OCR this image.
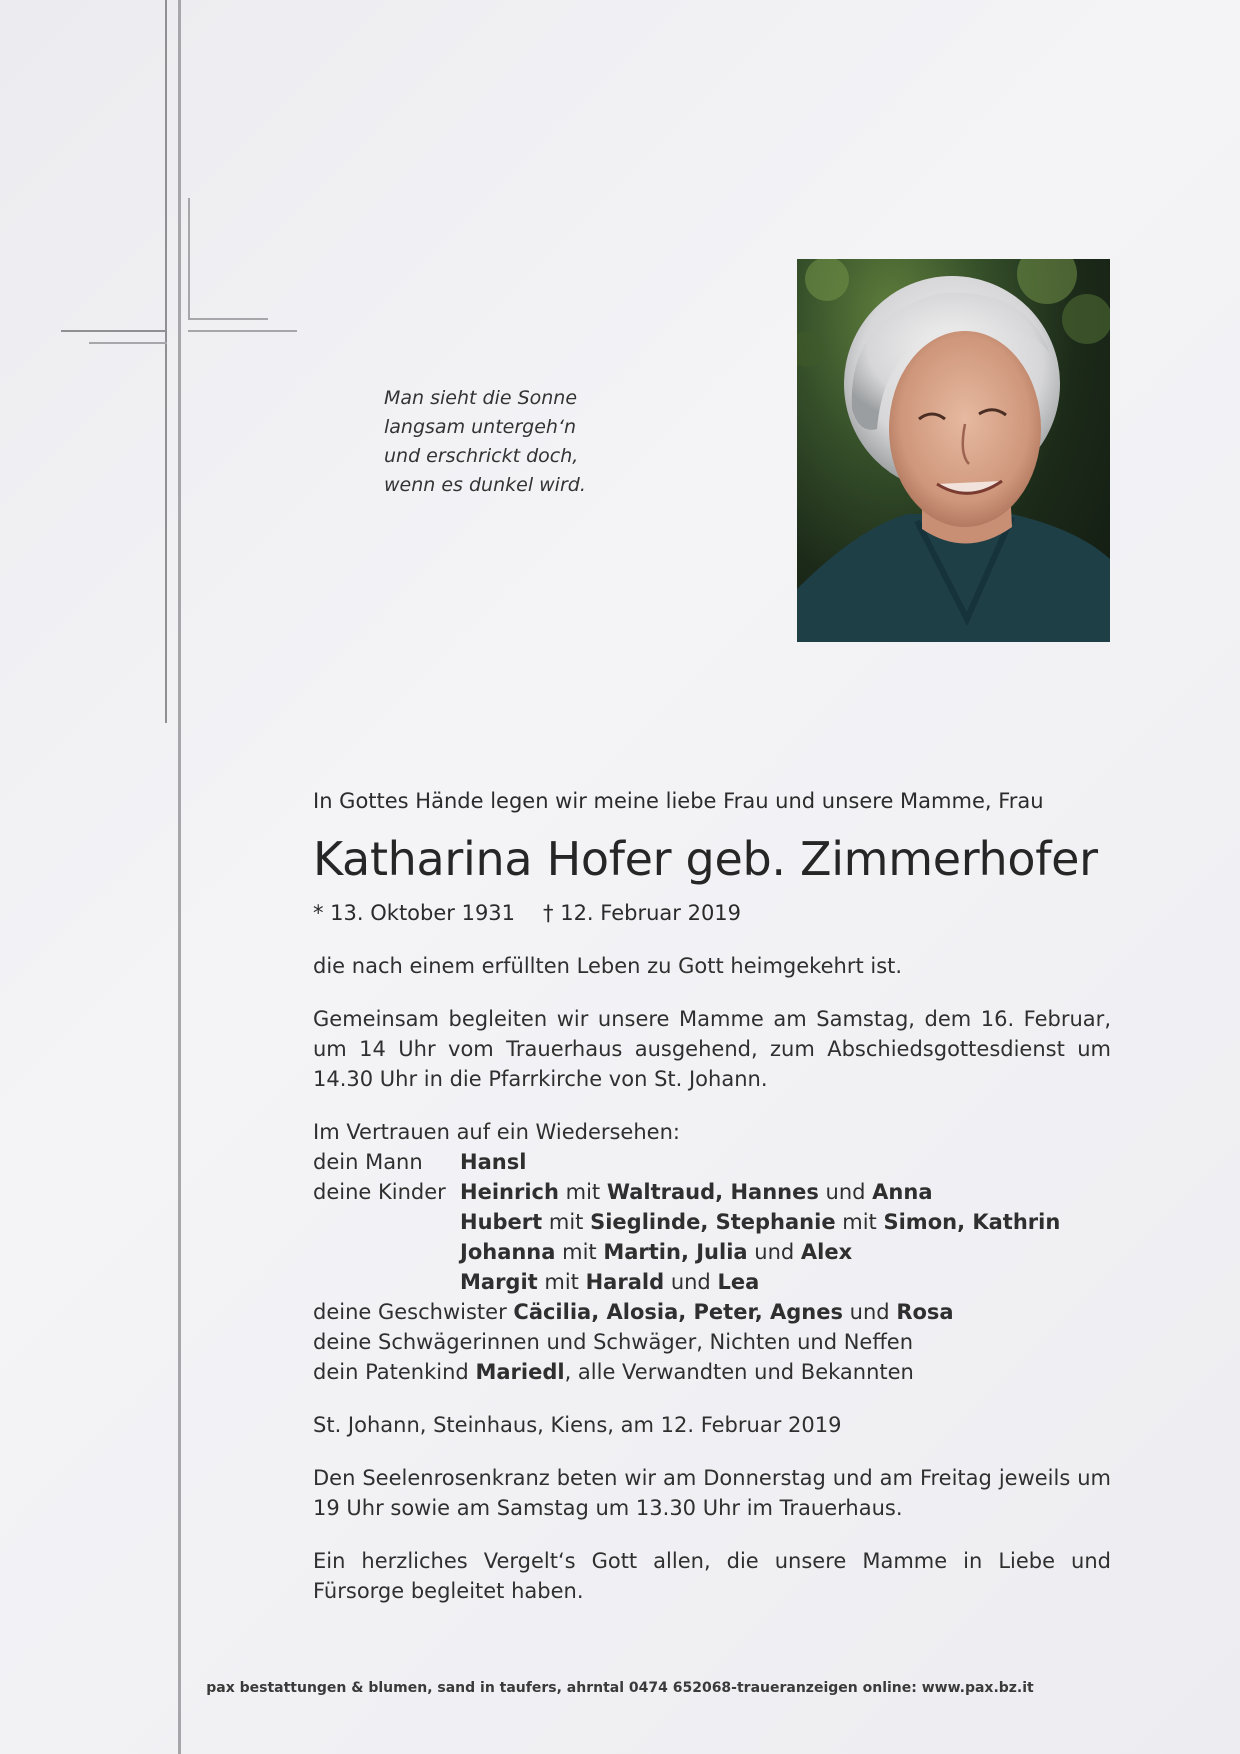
Man sieht die Sonne
langsam untergeh‘n
und erschrickt doch,
wenn es dunkel wird.
In Gottes Hände legen wir meine liebe Frau und unsere Mamme, Frau
Katharina Hofer geb. Zimmerhofer
* 13. Oktober 1931 † 12. Februar 2019

die nach einem erfüllten Leben zu Gott heimgekehrt ist.

Gemeinsam begleiten wir unsere Mamme am Samstag, dem 16. Februar, um 14 Uhr vom Trauerhaus ausgehend, zum Abschiedsgottesdienst um 14.30 Uhr in die Pfarrkirche von St. Johann.

Im Vertrauen auf ein Wiedersehen:
dein Mann	Hansl
deine Kinder Heinrich mit Waltraud, Hannes und Anna
Hubert mit Sieglinde, Stephanie mit Simon, Kathrin
Johanna mit Martin, Julia und Alex
Margit mit Harald und Lea
deine Geschwister Cäcilia, Alosia, Peter, Agnes und Rosa
deine Schwägerinnen und Schwäger, Nichten und Neffen
dein Patenkind Mariedl, alle Verwandten und Bekannten

St. Johann, Steinhaus, Kiens, am 12. Februar 2019

Den Seelenrosenkranz beten wir am Donnerstag und am Freitag jeweils um 19 Uhr sowie am Samstag um 13.30 Uhr im Trauerhaus.

Ein herzliches Vergelt‘s Gott allen, die unsere Mamme in Liebe und Fürsorge begleitet haben.

pax bestattungen & blumen, sand in taufers, ahrntal 0474 652068-traueranzeigen online: www.pax.bz.it
